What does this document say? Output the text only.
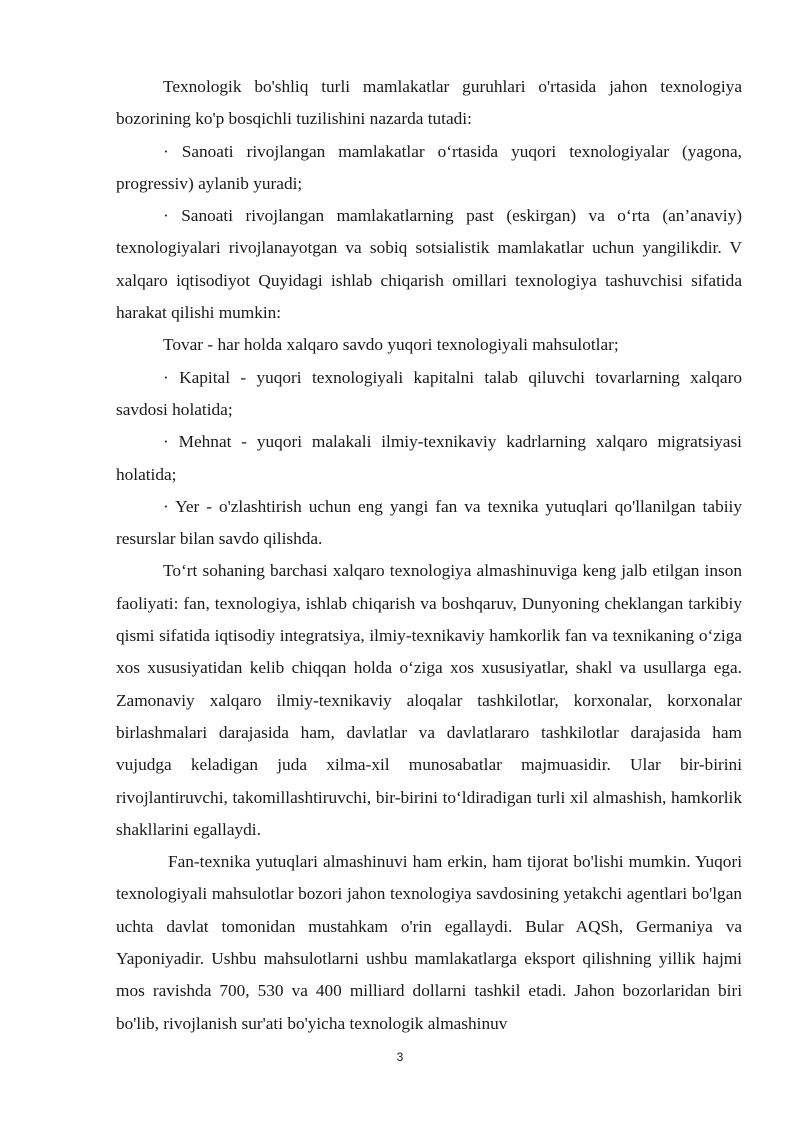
Texnologik bo'shliq turli mamlakatlar guruhlari o'rtasida jahon texnologiya bozorining ko'p bosqichli tuzilishini nazarda tutadi:

· Sanoati rivojlangan mamlakatlar o‘rtasida yuqori texnologiyalar (yagona, progressiv) aylanib yuradi;

· Sanoati rivojlangan mamlakatlarning past (eskirgan) va o‘rta (an’anaviy) texnologiyalari rivojlanayotgan va sobiq sotsialistik mamlakatlar uchun yangilikdir. V xalqaro iqtisodiyot Quyidagi ishlab chiqarish omillari texnologiya tashuvchisi sifatida harakat qilishi mumkin:

Tovar - har holda xalqaro savdo yuqori texnologiyali mahsulotlar;

· Kapital - yuqori texnologiyali kapitalni talab qiluvchi tovarlarning xalqaro savdosi holatida;

· Mehnat - yuqori malakali ilmiy-texnikaviy kadrlarning xalqaro migratsiyasi holatida;

· Yer - o'zlashtirish uchun eng yangi fan va texnika yutuqlari qo'llanilgan tabiiy resurslar bilan savdo qilishda.

To‘rt sohaning barchasi xalqaro texnologiya almashinuviga keng jalb etilgan inson faoliyati: fan, texnologiya, ishlab chiqarish va boshqaruv, Dunyoning cheklangan tarkibiy qismi sifatida iqtisodiy integratsiya, ilmiy-texnikaviy hamkorlik fan va texnikaning o‘ziga xos xususiyatidan kelib chiqqan holda o‘ziga xos xususiyatlar, shakl va usullarga ega. Zamonaviy xalqaro ilmiy-texnikaviy aloqalar tashkilotlar, korxonalar, korxonalar birlashmalari darajasida ham, davlatlar va davlatlararo tashkilotlar darajasida ham vujudga keladigan juda xilma-xil munosabatlar majmuasidir. Ular bir-birini rivojlantiruvchi, takomillashtiruvchi, bir-birini to‘ldiradigan turli xil almashish, hamkorlik shakllarini egallaydi.

Fan-texnika yutuqlari almashinuvi ham erkin, ham tijorat bo'lishi mumkin. Yuqori texnologiyali mahsulotlar bozori jahon texnologiya savdosining yetakchi agentlari bo'lgan uchta davlat tomonidan mustahkam o'rin egallaydi. Bular AQSh, Germaniya va Yaponiyadir. Ushbu mahsulotlarni ushbu mamlakatlarga eksport qilishning yillik hajmi mos ravishda 700, 530 va 400 milliard dollarni tashkil etadi. Jahon bozorlaridan biri bo'lib, rivojlanish sur'ati bo'yicha texnologik almashinuv

3
